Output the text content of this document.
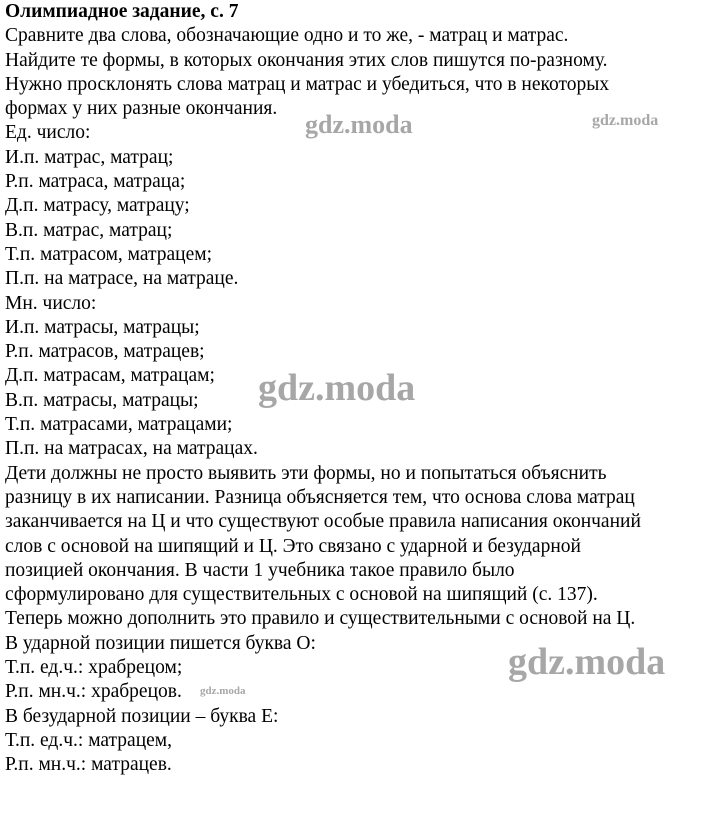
Олимпиадное задание, с. 7
Сравните два слова, обозначающие одно и то же, - матрац и матрас.
Найдите те формы, в которых окончания этих слов пишутся по-разному.
Нужно просклонять слова матрац и матрас и убедиться, что в некоторых
формах у них разные окончания.
Ед. число:
И.п. матрас, матрац;
Р.п. матраса, матраца;
Д.п. матрасу, матрацу;
В.п. матрас, матрац;
Т.п. матрасом, матрацем;
П.п. на матрасе, на матраце.
Мн. число:
И.п. матрасы, матрацы;
Р.п. матрасов, матрацев;
Д.п. матрасам, матрацам;
В.п. матрасы, матрацы;
Т.п. матрасами, матрацами;
П.п. на матрасах, на матрацах.
Дети должны не просто выявить эти формы, но и попытаться объяснить
разницу в их написании. Разница объясняется тем, что основа слова матрац
заканчивается на Ц и что существуют особые правила написания окончаний
слов с основой на шипящий и Ц. Это связано с ударной и безударной
позицией окончания. В части 1 учебника такое правило было
сформулировано для существительных с основой на шипящий (с. 137).
Теперь можно дополнить это правило и существительными с основой на Ц.
В ударной позиции пишется буква О:
Т.п. ед.ч.: храбрецом;
Р.п. мн.ч.: храбрецов.
В безударной позиции – буква Е:
Т.п. ед.ч.: матрацем,
Р.п. мн.ч.: матрацев.
gdz.moda	gdz.moda
gdz.moda
gdz.moda
gdz.moda
